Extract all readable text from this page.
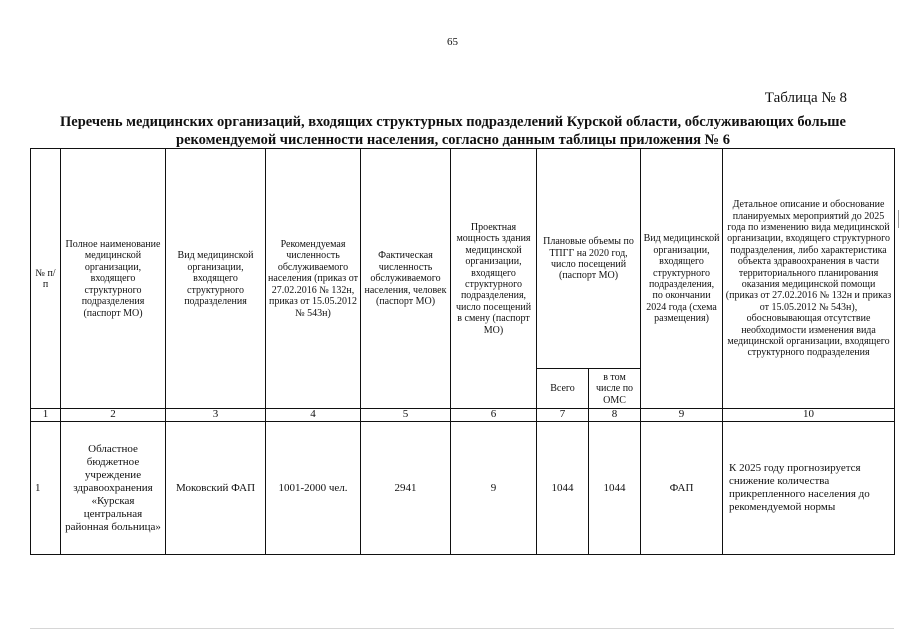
65
Таблица № 8
Перечень медицинских организаций, входящих структурных подразделений Курской области, обслуживающих больше
рекомендуемой численности населения, согласно данным таблицы приложения № 6
№ п/п	Полное наименование медицинской организации, входящего структурного подразделения (паспорт МО)	Вид медицинской организации, входящего структурного подразделения	Рекомендуемая численность обслуживаемого населения (приказ от 27.02.2016 № 132н, приказ от 15.05.2012 № 543н)	Фактическая численность обслуживаемого населения, человек (паспорт МО)	Проектная мощность здания медицинской организации, входящего структурного подразделения, число посещений в смену (паспорт МО)	Плановые объемы по ТПГГ на 2020 год, число посещений (паспорт МО)		Вид медицинской организации, входящего структурного подразделения, по окончании 2024 года (схема размещения)	Детальное описание и обоснование планируемых мероприятий до 2025 года по изменению вида медицинской организации, входящего структурного подразделения, либо характеристика объекта здравоохранения в части территориального планирования оказания медицинской помощи (приказ от 27.02.2016 № 132н и приказ от 15.05.2012 № 543н), обосновывающая отсутствие необходимости изменения вида медицинской организации, входящего структурного подразделения
						Всего	в том числе по ОМС		
1	2	3	4	5	6	7	8	9	10
1	Областное бюджетное учреждение здравоохранения «Курская центральная районная больница»	Моковский ФАП	1001-2000 чел.	2941	9	1044	1044	ФАП	К 2025 году прогнозируется снижение количества прикрепленного населения до рекомендуемой нормы
